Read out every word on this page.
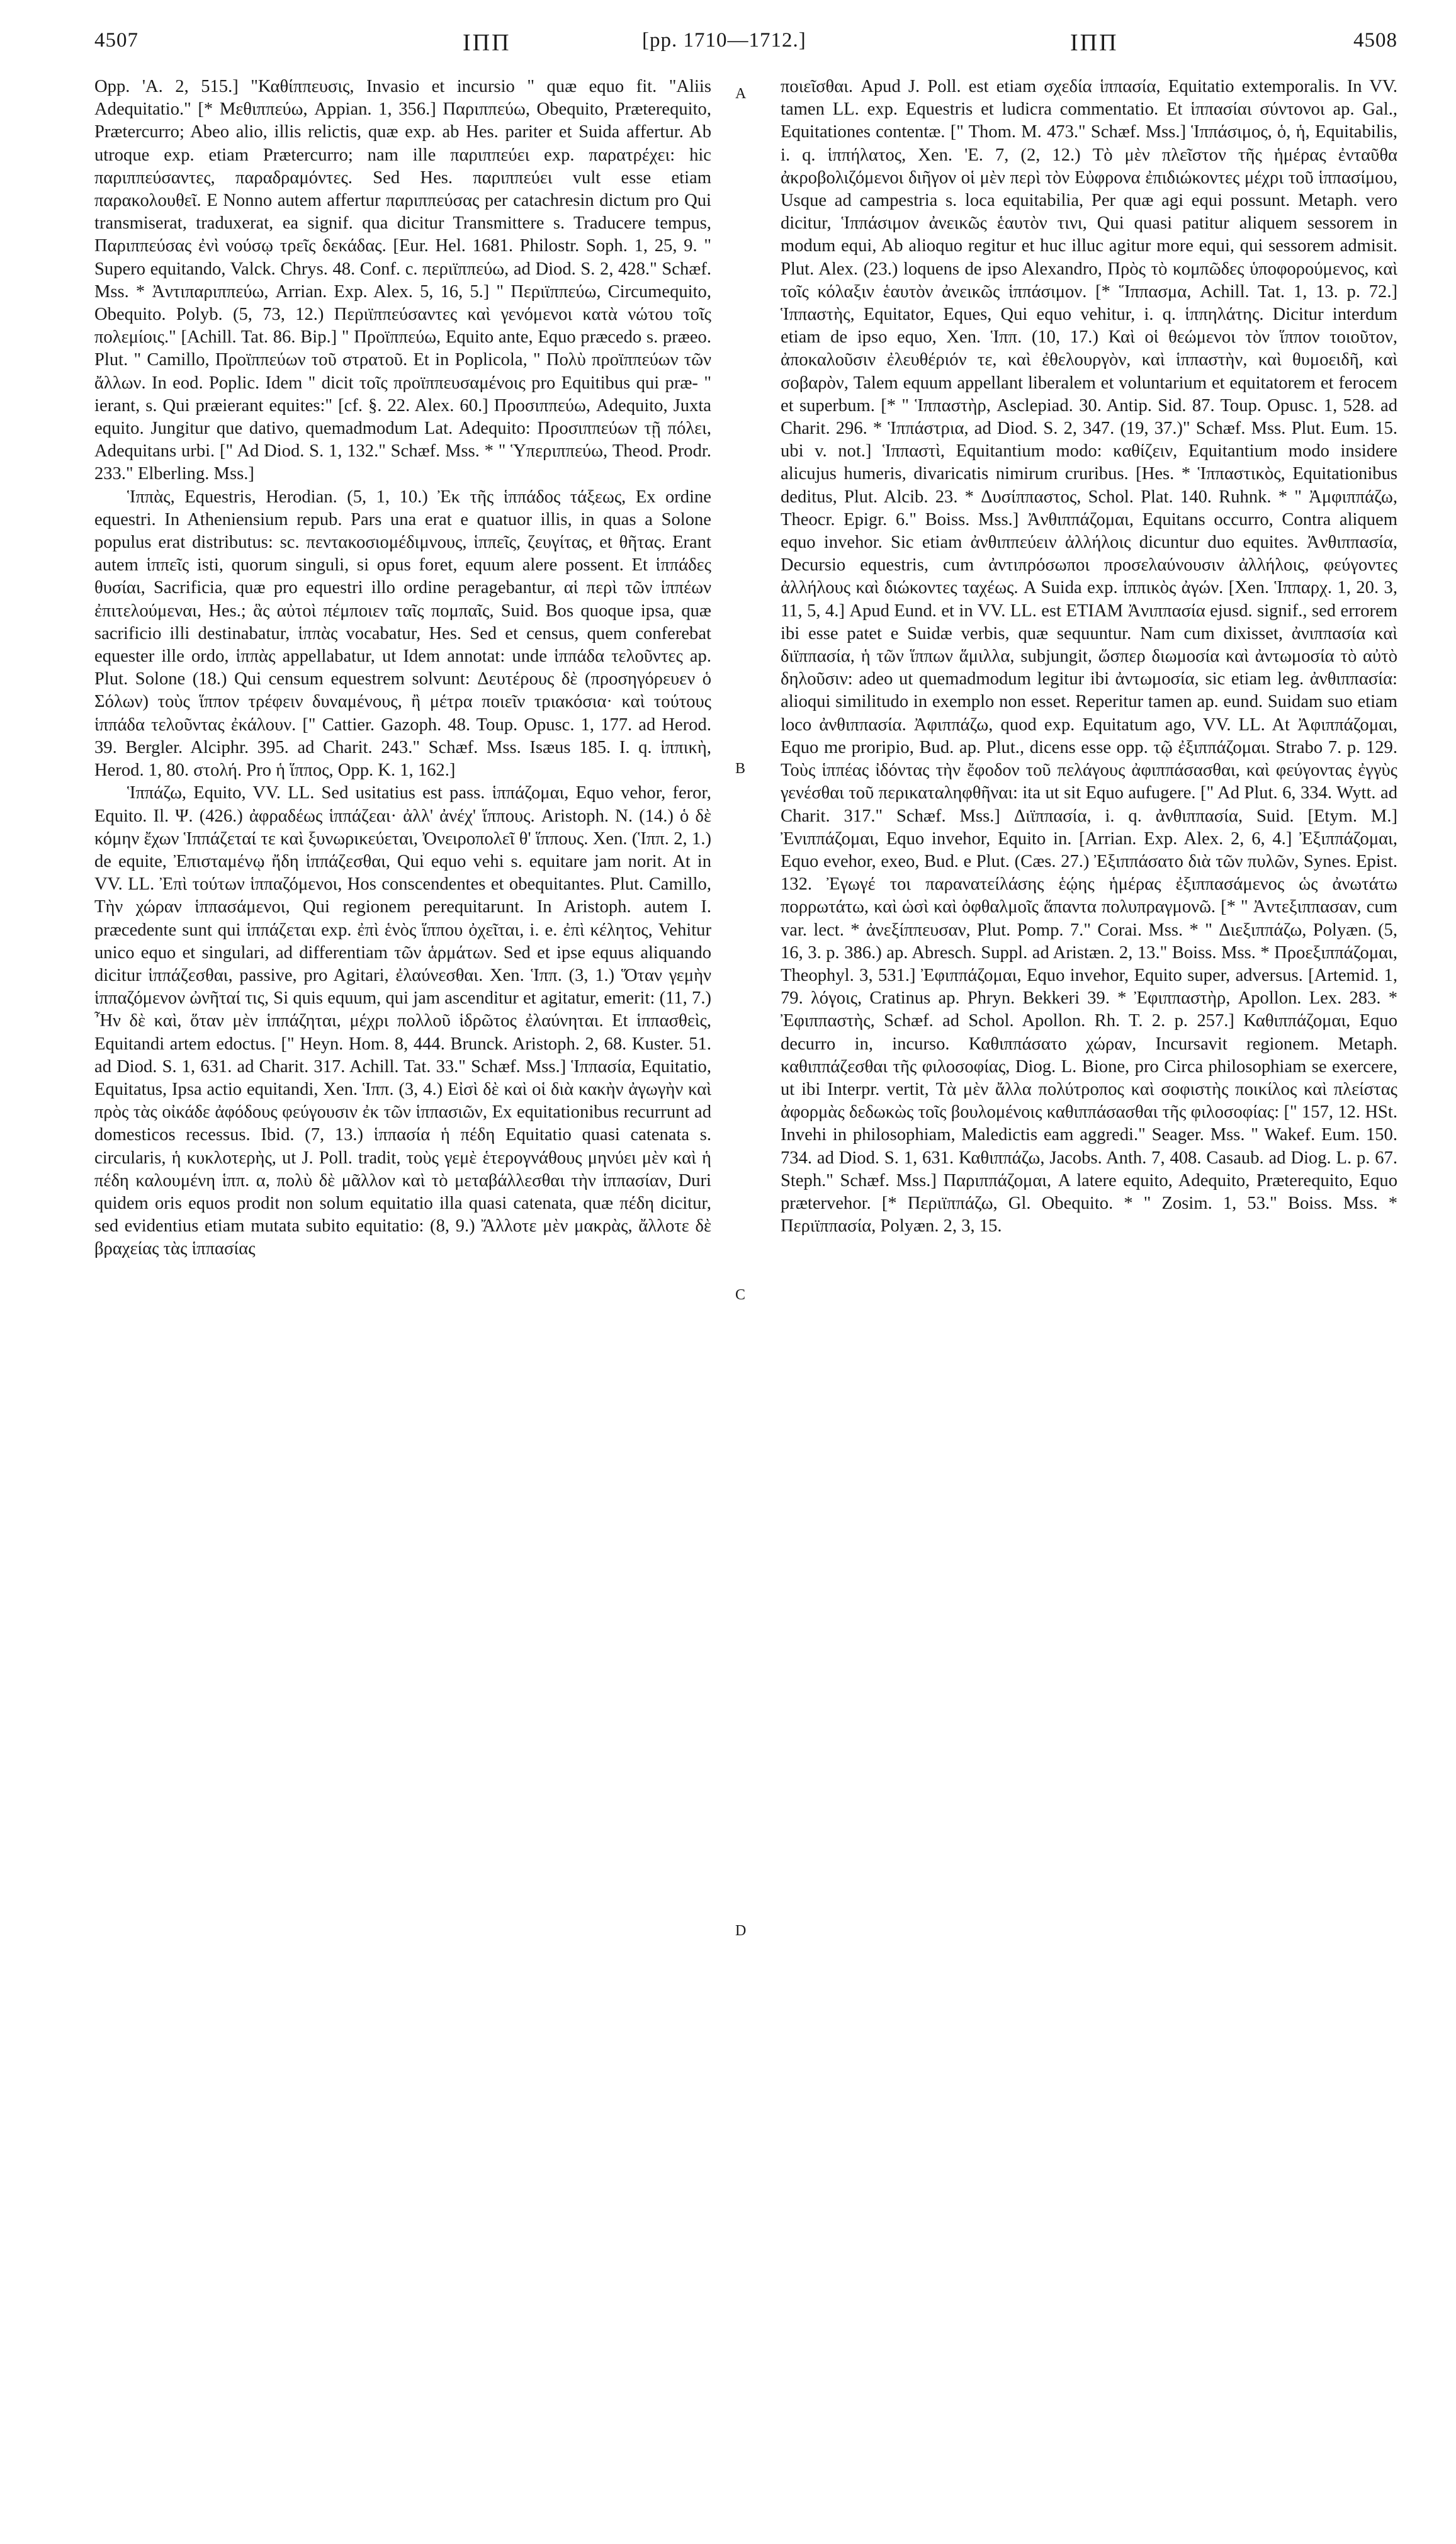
4507	ΙΠΠ	[pp. 1710—1712.]	ΙΠΠ	4508

Opp. 'A. 2, 515.] "Καθίππευσις, Invasio et incursio " quæ equo fit. "Aliis Adequitatio." [* Μεθιππεύω, Appian. 1, 356.] Παριππεύω, Obequito, Præterequito, Prætercurro; Abeo alio, illis relictis, quæ exp. ab Hes. pariter et Suida affertur. Ab utroque exp. etiam Prætercurro; nam ille παριππεύει exp. παρατρέχει: hic παριππεύσαντες, παραδραμόντες. Sed Hes. παριππεύει vult esse etiam παρακολουθεῖ. E Nonno autem affertur παριππεύσας per catachresin dictum pro Qui transmiserat, traduxerat, ea signif. qua dicitur Transmittere s. Traducere tempus, Παριππεύσας ἐνὶ νούσῳ τρεῖς δεκάδας. [Eur. Hel. 1681. Philostr. Soph. 1, 25, 9. " Supero equitando, Valck. Chrys. 48. Conf. c. περιϊππεύω, ad Diod. S. 2, 428." Schæf. Mss. * Ἀντιπαριππεύω, Arrian. Exp. Alex. 5, 16, 5.] " Περιϊππεύω, Circumequito, Obequito. Polyb. (5, 73, 12.) Περιϊππεύσαντες καὶ γενόμενοι κατὰ νώτου τοῖς πολεμίοις." [Achill. Tat. 86. Bip.] " Προϊππεύω, Equito ante, Equo præcedo s. præeo. Plut. " Camillo, Προϊππεύων τοῦ στρατοῦ. Et in Poplicola, " Πολὺ προϊππεύων τῶν ἄλλων. In eod. Poplic. Idem " dicit τοῖς προϊππευσαμένοις pro Equitibus qui præ- " ierant, s. Qui præierant equites:" [cf. §. 22. Alex. 60.] Προσιππεύω, Adequito, Juxta equito. Jungitur que dativo, quemadmodum Lat. Adequito: Προσιππεύων τῇ πόλει, Adequitans urbi. [" Ad Diod. S. 1, 132." Schæf. Mss. * " Ὑπεριππεύω, Theod. Prodr. 233." Elberling. Mss.]

Ἱππὰς, Equestris, Herodian. (5, 1, 10.) Ἐκ τῆς ἱππάδος τάξεως, Ex ordine equestri. In Atheniensium repub. Pars una erat e quatuor illis, in quas a Solone populus erat distributus: sc. πεντακοσιομέδιμνους, ἱππεῖς, ζευγίτας, et θῆτας. Erant autem ἱππεῖς isti, quorum singuli, si opus foret, equum alere possent. Et ἱππάδες θυσίαι, Sacrificia, quæ pro equestri illo ordine peragebantur, αἱ περὶ τῶν ἱππέων ἐπιτελούμεναι, Hes.; ἃς αὐτοὶ πέμποιεν ταῖς πομπαῖς, Suid. Bos quoque ipsa, quæ sacrificio illi destinabatur, ἱππὰς vocabatur, Hes. Sed et census, quem conferebat equester ille ordo, ἱππὰς appellabatur, ut Idem annotat: unde ἱππάδα τελοῦντες ap. Plut. Solone (18.) Qui censum equestrem solvunt: Δευτέρους δὲ (προσηγόρευεν ὁ Σόλων) τοὺς ἵππον τρέφειν δυναμένους, ἢ μέτρα ποιεῖν τριακόσια· καὶ τούτους ἱππάδα τελοῦντας ἐκάλουν. [" Cattier. Gazoph. 48. Toup. Opusc. 1, 177. ad Herod. 39. Bergler. Alciphr. 395. ad Charit. 243." Schæf. Mss. Isæus 185. I. q. ἱππικὴ, Herod. 1, 80. στολή. Pro ἡ ἵππος, Opp. K. 1, 162.]

Ἱππάζω, Equito, VV. LL. Sed usitatius est pass. ἱππάζομαι, Equo vehor, feror, Equito. Il. Ψ. (426.) ἀφραδέως ἱππάζεαι· ἀλλ' ἀνέχ' ἵππους. Aristoph. N. (14.) ὁ δὲ κόμην ἔχων Ἱππάζεταί τε καὶ ξυνωρικεύεται, Ὀνειροπολεῖ θ' ἵππους. Xen. (Ἱππ. 2, 1.) de equite, Ἐπισταμένῳ ἤδη ἱππάζεσθαι, Qui equo vehi s. equitare jam norit. At in VV. LL. Ἐπὶ τούτων ἱππαζόμενοι, Hos conscendentes et obequitantes. Plut. Camillo, Τὴν χώραν ἱππασάμενοι, Qui regionem perequitarunt. In Aristoph. autem I. præcedente sunt qui ἱππάζεται exp. ἐπὶ ἑνὸς ἵππου ὀχεῖται, i. e. ἐπὶ κέλητος, Vehitur unico equo et singulari, ad differentiam τῶν ἁρμάτων. Sed et ipse equus aliquando dicitur ἱππάζεσθαι, passive, pro Agitari, ἐλαύνεσθαι. Xen. Ἱππ. (3, 1.) Ὅταν γεμὴν ἱππαζόμενον ὠνῆταί τις, Si quis equum, qui jam ascenditur et agitatur, emerit: (11, 7.) Ἦν δὲ καὶ, ὅταν μὲν ἱππάζηται, μέχρι πολλοῦ ἱδρῶτος ἐλαύνηται. Et ἱππασθεὶς, Equitandi artem edoctus. [" Heyn. Hom. 8, 444. Brunck. Aristoph. 2, 68. Kuster. 51. ad Diod. S. 1, 631. ad Charit. 317. Achill. Tat. 33." Schæf. Mss.] Ἱππασία, Equitatio, Equitatus, Ipsa actio equitandi, Xen. Ἱππ. (3, 4.) Εἰσὶ δὲ καὶ οἱ διὰ κακὴν ἀγωγὴν καὶ πρὸς τὰς οἰκάδε ἀφόδους φεύγουσιν ἐκ τῶν ἱππασιῶν, Ex equitationibus recurrunt ad domesticos recessus. Ibid. (7, 13.) ἱππασία ἡ πέδη Equitatio quasi catenata s. circularis, ἡ κυκλοτερὴς, ut J. Poll. tradit, τοὺς γεμὲ ἑτερογνάθους μηνύει μὲν καὶ ἡ πέδη καλουμένη ἱππ. α, πολὺ δὲ μᾶλλον καὶ τὸ μεταβάλλεσθαι τὴν ἱππασίαν, Duri quidem oris equos prodit non solum equitatio illa quasi catenata, quæ πέδη dicitur, sed evidentius etiam mutata subito equitatio: (8, 9.) Ἄλλοτε μὲν μακρὰς, ἄλλοτε δὲ βραχείας τὰς ἱππασίας

A
B
C
D

ποιεῖσθαι. Apud J. Poll. est etiam σχεδία ἱππασία, Equitatio extemporalis. In VV. tamen LL. exp. Equestris et ludicra commentatio. Et ἱππασίαι σύντονοι ap. Gal., Equitationes contentæ. [" Thom. M. 473." Schæf. Mss.] Ἱππάσιμος, ὁ, ἡ, Equitabilis, i. q. ἱππήλατος, Xen. 'E. 7, (2, 12.) Τὸ μὲν πλεῖστον τῆς ἡμέρας ἐνταῦθα ἀκροβολιζόμενοι διῆγον οἱ μὲν περὶ τὸν Εὐφρονα ἐπιδιώκοντες μέχρι τοῦ ἱππασίμου, Usque ad campestria s. loca equitabilia, Per quæ agi equi possunt. Metaph. vero dicitur, Ἱππάσιμον ἀνεικῶς ἑαυτὸν τινι, Qui quasi patitur aliquem sessorem in modum equi, Ab alioquo regitur et huc illuc agitur more equi, qui sessorem admisit. Plut. Alex. (23.) loquens de ipso Alexandro, Πρὸς τὸ κομπῶδες ὑποφορούμενος, καὶ τοῖς κόλαξιν ἑαυτὸν ἀνεικῶς ἱππάσιμον. [* Ἵππασμα, Achill. Tat. 1, 13. p. 72.] Ἱππαστὴς, Equitator, Eques, Qui equo vehitur, i. q. ἱππηλάτης. Dicitur interdum etiam de ipso equo, Xen. Ἱππ. (10, 17.) Καὶ οἱ θεώμενοι τὸν ἵππον τοιοῦτον, ἀποκαλοῦσιν ἐλευθέριόν τε, καὶ ἐθελουργὸν, καὶ ἱππαστὴν, καὶ θυμοειδῆ, καὶ σοβαρὸν, Talem equum appellant liberalem et voluntarium et equitatorem et ferocem et superbum. [* " Ἱππαστὴρ, Asclepiad. 30. Antip. Sid. 87. Toup. Opusc. 1, 528. ad Charit. 296. * Ἱππάστρια, ad Diod. S. 2, 347. (19, 37.)" Schæf. Mss. Plut. Eum. 15. ubi v. not.] Ἱππαστὶ, Equitantium modo: καθίζειν, Equitantium modo insidere alicujus humeris, divaricatis nimirum cruribus. [Hes. * Ἱππαστικὸς, Equitationibus deditus, Plut. Alcib. 23. * Δυσίππαστος, Schol. Plat. 140. Ruhnk. * " Ἀμφιππάζω, Theocr. Epigr. 6." Boiss. Mss.] Ἀνθιππάζομαι, Equitans occurro, Contra aliquem equo invehor. Sic etiam ἀνθιππεύειν ἀλλήλοις dicuntur duo equites. Ἀνθιππασία, Decursio equestris, cum ἀντιπρόσωποι προσελαύνουσιν ἀλλήλοις, φεύγοντες ἀλλήλους καὶ διώκοντες ταχέως. A Suida exp. ἱππικὸς ἀγών. [Xen. Ἱππαρχ. 1, 20. 3, 11, 5, 4.] Apud Eund. et in VV. LL. est ETIAM Ἀνιππασία ejusd. signif., sed errorem ibi esse patet e Suidæ verbis, quæ sequuntur. Nam cum dixisset, ἀνιππασία καὶ διϊππασία, ἡ τῶν ἵππων ἅμιλλα, subjungit, ὥσπερ διωμοσία καὶ ἀντωμοσία τὸ αὐτὸ δηλοῦσιν: adeo ut quemadmodum legitur ibi ἀντωμοσία, sic etiam leg. ἀνθιππασία: alioqui similitudo in exemplo non esset. Reperitur tamen ap. eund. Suidam suo etiam loco ἀνθιππασία. Ἀφιππάζω, quod exp. Equitatum ago, VV. LL. At Ἀφιππάζομαι, Equo me proripio, Bud. ap. Plut., dicens esse opp. τῷ ἐξιππάζομαι. Strabo 7. p. 129. Τοὺς ἱππέας ἰδόντας τὴν ἔφοδον τοῦ πελάγους ἀφιππάσασθαι, καὶ φεύγοντας ἐγγὺς γενέσθαι τοῦ περικαταληφθῆναι: ita ut sit Equo aufugere. [" Ad Plut. 6, 334. Wytt. ad Charit. 317." Schæf. Mss.] Διϊππασία, i. q. ἀνθιππασία, Suid. [Etym. M.] Ἐνιππάζομαι, Equo invehor, Equito in. [Arrian. Exp. Alex. 2, 6, 4.] Ἐξιππάζομαι, Equo evehor, exeo, Bud. e Plut. (Cæs. 27.) Ἐξιππάσατο διὰ τῶν πυλῶν, Synes. Epist. 132. Ἐγωγέ τοι παρανατείλάσης ἑῴης ἡμέρας ἐξιππασάμενος ὡς ἀνωτάτω πορρωτάτω, καὶ ὡσὶ καὶ ὀφθαλμοῖς ἅπαντα πολυπραγμονῶ. [* " Ἀντεξιππασαν, cum var. lect. * ἀνεξίππευσαν, Plut. Pomp. 7." Corai. Mss. * " Διεξιππάζω, Polyæn. (5, 16, 3. p. 386.) ap. Abresch. Suppl. ad Aristæn. 2, 13." Boiss. Mss. * Προεξιππάζομαι, Theophyl. 3, 531.] Ἐφιππάζομαι, Equo invehor, Equito super, adversus. [Artemid. 1, 79. λόγοις, Cratinus ap. Phryn. Bekkeri 39. * Ἐφιππαστὴρ, Apollon. Lex. 283. * Ἐφιππαστὴς, Schæf. ad Schol. Apollon. Rh. T. 2. p. 257.] Καθιππάζομαι, Equo decurro in, incurso. Καθιππάσατο χώραν, Incursavit regionem. Metaph. καθιππάζεσθαι τῆς φιλοσοφίας, Diog. L. Bione, pro Circa philosophiam se exercere, ut ibi Interpr. vertit, Τὰ μὲν ἄλλα πολύτροπος καὶ σοφιστὴς ποικίλος καὶ πλείστας ἀφορμὰς δεδωκὼς τοῖς βουλομένοις καθιππάσασθαι τῆς φιλοσοφίας: [" 157, 12. HSt. Invehi in philosophiam, Maledictis eam aggredi." Seager. Mss. " Wakef. Eum. 150. 734. ad Diod. S. 1, 631. Καθιππάζω, Jacobs. Anth. 7, 408. Casaub. ad Diog. L. p. 67. Steph." Schæf. Mss.] Παριππάζομαι, A latere equito, Adequito, Præterequito, Equo prætervehor. [* Περιϊππάζω, Gl. Obequito. * " Zosim. 1, 53." Boiss. Mss. * Περιϊππασία, Polyæn. 2, 3, 15.
